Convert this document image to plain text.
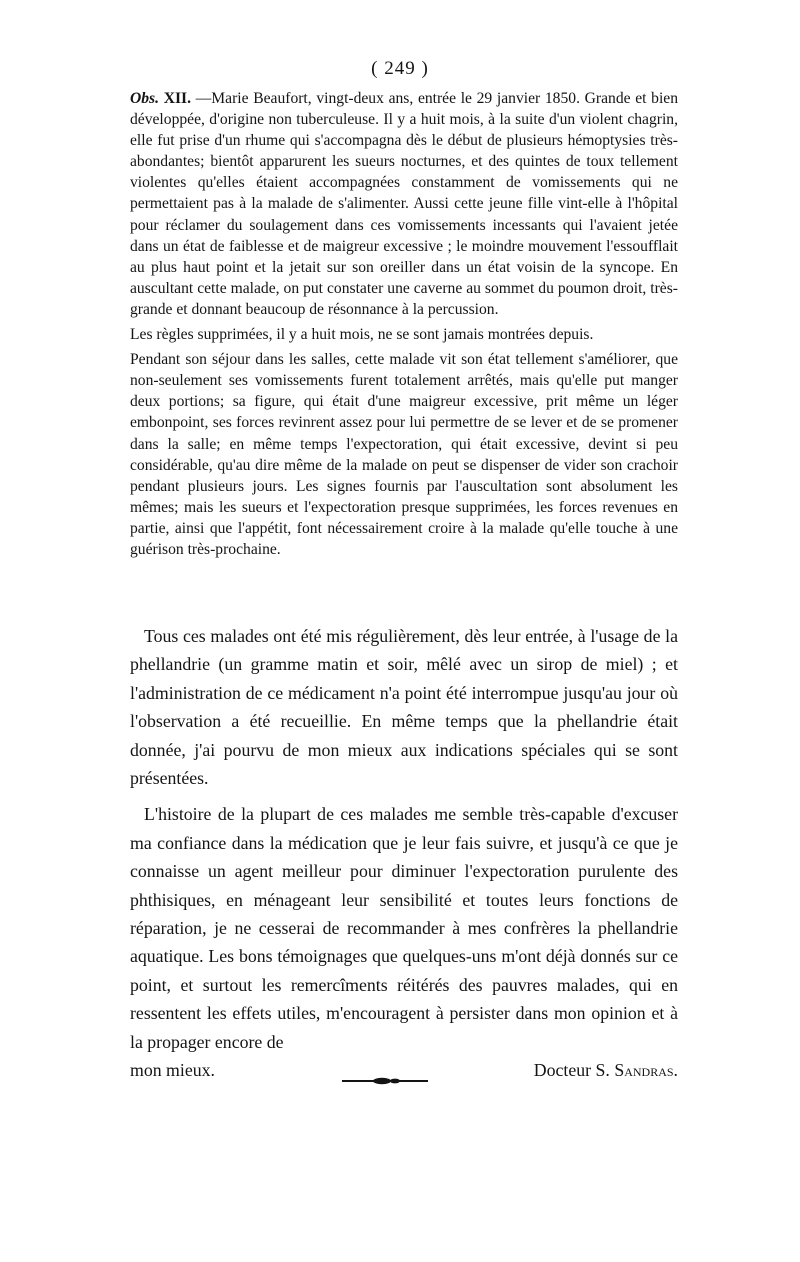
( 249 )

Obs. XII. —Marie Beaufort, vingt-deux ans, entrée le 29 janvier 1850. Grande et bien développée, d'origine non tuberculeuse. Il y a huit mois, à la suite d'un violent chagrin, elle fut prise d'un rhume qui s'accompagna dès le début de plusieurs hémoptysies très-abondantes; bientôt apparurent les sueurs nocturnes, et des quintes de toux tellement violentes qu'elles étaient accompagnées constamment de vomissements qui ne permettaient pas à la malade de s'alimenter. Aussi cette jeune fille vint-elle à l'hôpital pour réclamer du soulagement dans ces vomissements incessants qui l'avaient jetée dans un état de faiblesse et de maigreur excessive ; le moindre mouvement l'essoufflait au plus haut point et la jetait sur son oreiller dans un état voisin de la syncope. En auscultant cette malade, on put constater une caverne au sommet du poumon droit, très-grande et donnant beaucoup de résonnance à la percussion.

Les règles supprimées, il y a huit mois, ne se sont jamais montrées depuis.

Pendant son séjour dans les salles, cette malade vit son état tellement s'améliorer, que non-seulement ses vomissements furent totalement arrêtés, mais qu'elle put manger deux portions; sa figure, qui était d'une maigreur excessive, prit même un léger embonpoint, ses forces revinrent assez pour lui permettre de se lever et de se promener dans la salle; en même temps l'expectoration, qui était excessive, devint si peu considérable, qu'au dire même de la malade on peut se dispenser de vider son crachoir pendant plusieurs jours. Les signes fournis par l'auscultation sont absolument les mêmes; mais les sueurs et l'expectoration presque supprimées, les forces revenues en partie, ainsi que l'appétit, font nécessairement croire à la malade qu'elle touche à une guérison très-prochaine.

Tous ces malades ont été mis régulièrement, dès leur entrée, à l'usage de la phellandrie (un gramme matin et soir, mêlé avec un sirop de miel) ; et l'administration de ce médicament n'a point été interrompue jusqu'au jour où l'observation a été recueillie. En même temps que la phellandrie était donnée, j'ai pourvu de mon mieux aux indications spéciales qui se sont présentées.

L'histoire de la plupart de ces malades me semble très-capable d'excuser ma confiance dans la médication que je leur fais suivre, et jusqu'à ce que je connaisse un agent meilleur pour diminuer l'expectoration purulente des phthisiques, en ménageant leur sensibilité et toutes leurs fonctions de réparation, je ne cesserai de recommander à mes confrères la phellandrie aquatique. Les bons témoignages que quelques-uns m'ont déjà donnés sur ce point, et surtout les remercîments réitérés des pauvres malades, qui en ressentent les effets utiles, m'encouragent à persister dans mon opinion et à la propager encore de
mon mieux.	Docteur S. Sandras.
